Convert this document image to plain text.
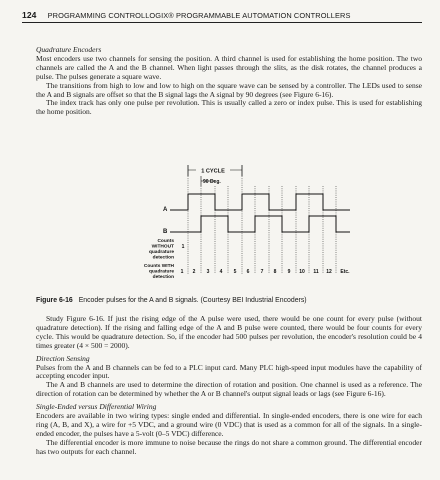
124 PROGRAMMING CONTROLLOGIX® PROGRAMMABLE AUTOMATION CONTROLLERS

Quadrature Encoders

Most encoders use two channels for sensing the position. A third channel is used for establishing the home position. The two channels are called the A and the B channel. When light passes through the slits, as the disk rotates, the channel produces a pulse. The pulses generate a square wave.

The transitions from high to low and low to high on the square wave can be sensed by a controller. The LEDs used to sense the A and B signals are offset so that the B signal lags the A signal by 90 degrees (see Figure 6-16).

The index track has only one pulse per revolution. This is usually called a zero or index pulse. This is used for establishing the home position.

1 CYCLE
90 Deg.
A
B
Counts
WITHOUT
quadrature
detection
1
Counts WITH
quadrature
detection
1 2 3 4 5 6 7 8 9 10 11 12 Etc.
Figure 6-16 Encoder pulses for the A and B signals. (Courtesy BEI Industrial Encoders)

Study Figure 6-16. If just the rising edge of the A pulse were used, there would be one count for every pulse (without quadrature detection). If the rising and falling edge of the A and B pulse were counted, there would be four counts for every cycle. This would be quadrature detection. So, if the encoder had 500 pulses per revolution, the encoder's resolution could be 4 times greater (4 × 500 = 2000).

Direction Sensing

Pulses from the A and B channels can be fed to a PLC input card. Many PLC high-speed input modules have the capability of accepting encoder input.

The A and B channels are used to determine the direction of rotation and position. One channel is used as a reference. The direction of rotation can be determined by whether the A or B channel's output signal leads or lags (see Figure 6-16).

Single-Ended versus Differential Wiring

Encoders are available in two wiring types: single ended and differential. In single-ended encoders, there is one wire for each ring (A, B, and X), a wire for +5 VDC, and a ground wire (0 VDC) that is used as a common for all of the signals. In a single-ended encoder, the pulses have a 5-volt (0–5 VDC) difference.

The differential encoder is more immune to noise because the rings do not share a common ground. The differential encoder has two outputs for each channel.
